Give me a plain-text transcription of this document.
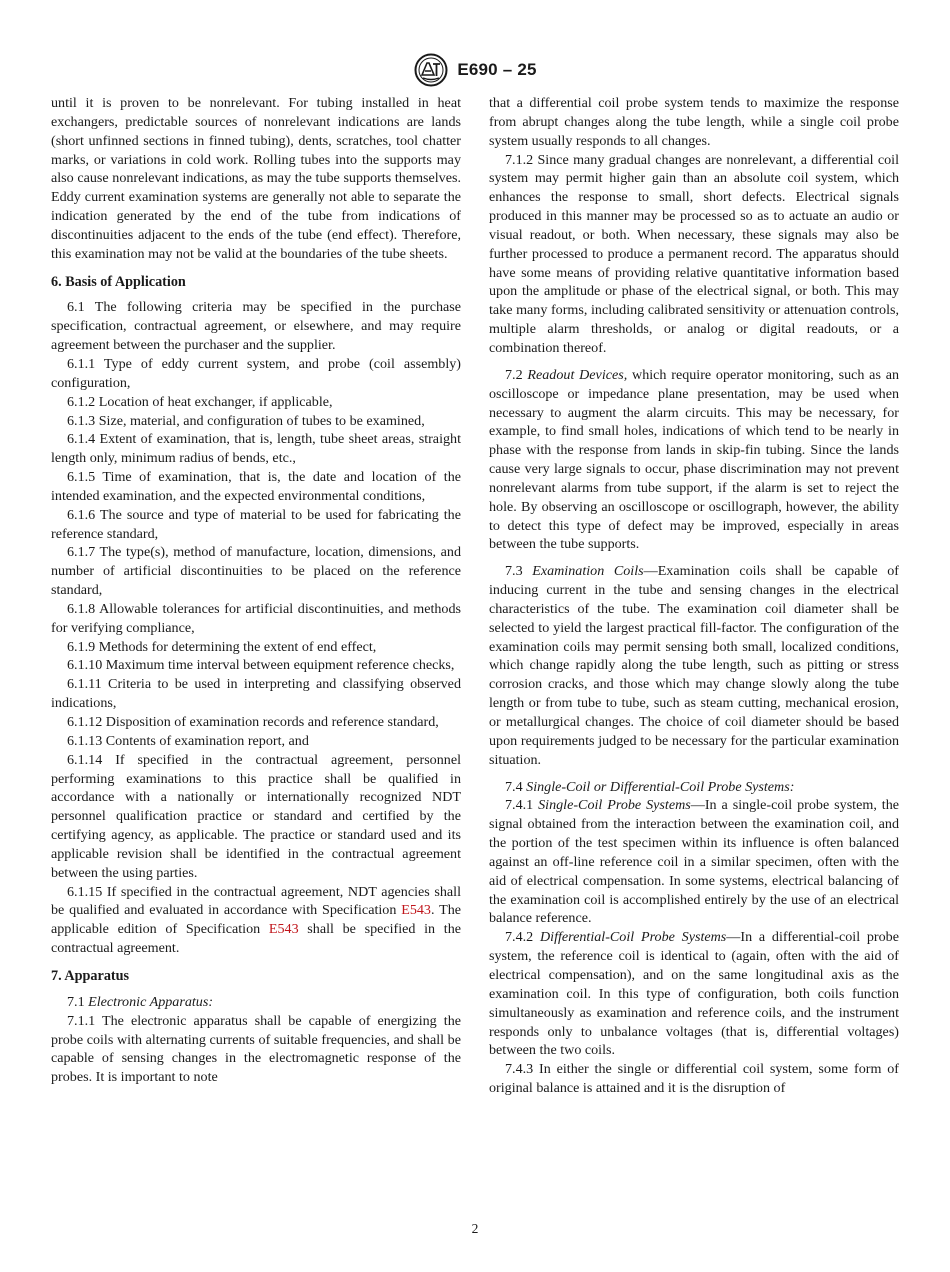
E690 – 25

until it is proven to be nonrelevant. For tubing installed in heat exchangers, predictable sources of nonrelevant indications are lands (short unfinned sections in finned tubing), dents, scratches, tool chatter marks, or variations in cold work. Rolling tubes into the supports may also cause nonrelevant indications, as may the tube supports themselves. Eddy current examination systems are generally not able to separate the indication generated by the end of the tube from indications of discontinuities adjacent to the ends of the tube (end effect). Therefore, this examination may not be valid at the boundaries of the tube sheets.

6. Basis of Application

6.1 The following criteria may be specified in the purchase specification, contractual agreement, or elsewhere, and may require agreement between the purchaser and the supplier.

6.1.1 Type of eddy current system, and probe (coil assembly) configuration,

6.1.2 Location of heat exchanger, if applicable,

6.1.3 Size, material, and configuration of tubes to be examined,

6.1.4 Extent of examination, that is, length, tube sheet areas, straight length only, minimum radius of bends, etc.,

6.1.5 Time of examination, that is, the date and location of the intended examination, and the expected environmental conditions,

6.1.6 The source and type of material to be used for fabricating the reference standard,

6.1.7 The type(s), method of manufacture, location, dimensions, and number of artificial discontinuities to be placed on the reference standard,

6.1.8 Allowable tolerances for artificial discontinuities, and methods for verifying compliance,

6.1.9 Methods for determining the extent of end effect,

6.1.10 Maximum time interval between equipment reference checks,

6.1.11 Criteria to be used in interpreting and classifying observed indications,

6.1.12 Disposition of examination records and reference standard,

6.1.13 Contents of examination report, and

6.1.14 If specified in the contractual agreement, personnel performing examinations to this practice shall be qualified in accordance with a nationally or internationally recognized NDT personnel qualification practice or standard and certified by the certifying agency, as applicable. The practice or standard used and its applicable revision shall be identified in the contractual agreement between the using parties.

6.1.15 If specified in the contractual agreement, NDT agencies shall be qualified and evaluated in accordance with Specification E543. The applicable edition of Specification E543 shall be specified in the contractual agreement.

7. Apparatus

7.1 Electronic Apparatus:

7.1.1 The electronic apparatus shall be capable of energizing the probe coils with alternating currents of suitable frequencies, and shall be capable of sensing changes in the electromagnetic response of the probes. It is important to note

that a differential coil probe system tends to maximize the response from abrupt changes along the tube length, while a single coil probe system usually responds to all changes.

7.1.2 Since many gradual changes are nonrelevant, a differential coil system may permit higher gain than an absolute coil system, which enhances the response to small, short defects. Electrical signals produced in this manner may be processed so as to actuate an audio or visual readout, or both. When necessary, these signals may also be further processed to produce a permanent record. The apparatus should have some means of providing relative quantitative information based upon the amplitude or phase of the electrical signal, or both. This may take many forms, including calibrated sensitivity or attenuation controls, multiple alarm thresholds, or analog or digital readouts, or a combination thereof.

7.2 Readout Devices, which require operator monitoring, such as an oscilloscope or impedance plane presentation, may be used when necessary to augment the alarm circuits. This may be necessary, for example, to find small holes, indications of which tend to be nearly in phase with the response from lands in skip-fin tubing. Since the lands cause very large signals to occur, phase discrimination may not prevent nonrelevant alarms from tube support, if the alarm is set to reject the hole. By observing an oscilloscope or oscillograph, however, the ability to detect this type of defect may be improved, especially in areas between the tube supports.

7.3 Examination Coils—Examination coils shall be capable of inducing current in the tube and sensing changes in the electrical characteristics of the tube. The examination coil diameter shall be selected to yield the largest practical fill-factor. The configuration of the examination coils may permit sensing both small, localized conditions, which change rapidly along the tube length, such as pitting or stress corrosion cracks, and those which may change slowly along the tube length or from tube to tube, such as steam cutting, mechanical erosion, or metallurgical changes. The choice of coil diameter should be based upon requirements judged to be necessary for the particular examination situation.

7.4 Single-Coil or Differential-Coil Probe Systems:

7.4.1 Single-Coil Probe Systems—In a single-coil probe system, the signal obtained from the interaction between the examination coil, and the portion of the test specimen within its influence is often balanced against an off-line reference coil in a similar specimen, often with the aid of electrical compensation. In some systems, electrical balancing of the examination coil is accomplished entirely by the use of an electrical balance reference.

7.4.2 Differential-Coil Probe Systems—In a differential-coil probe system, the reference coil is identical to (again, often with the aid of electrical compensation), and on the same longitudinal axis as the examination coil. In this type of configuration, both coils function simultaneously as examination and reference coils, and the instrument responds only to unbalance voltages (that is, differential voltages) between the two coils.

7.4.3 In either the single or differential coil system, some form of original balance is attained and it is the disruption of

2
